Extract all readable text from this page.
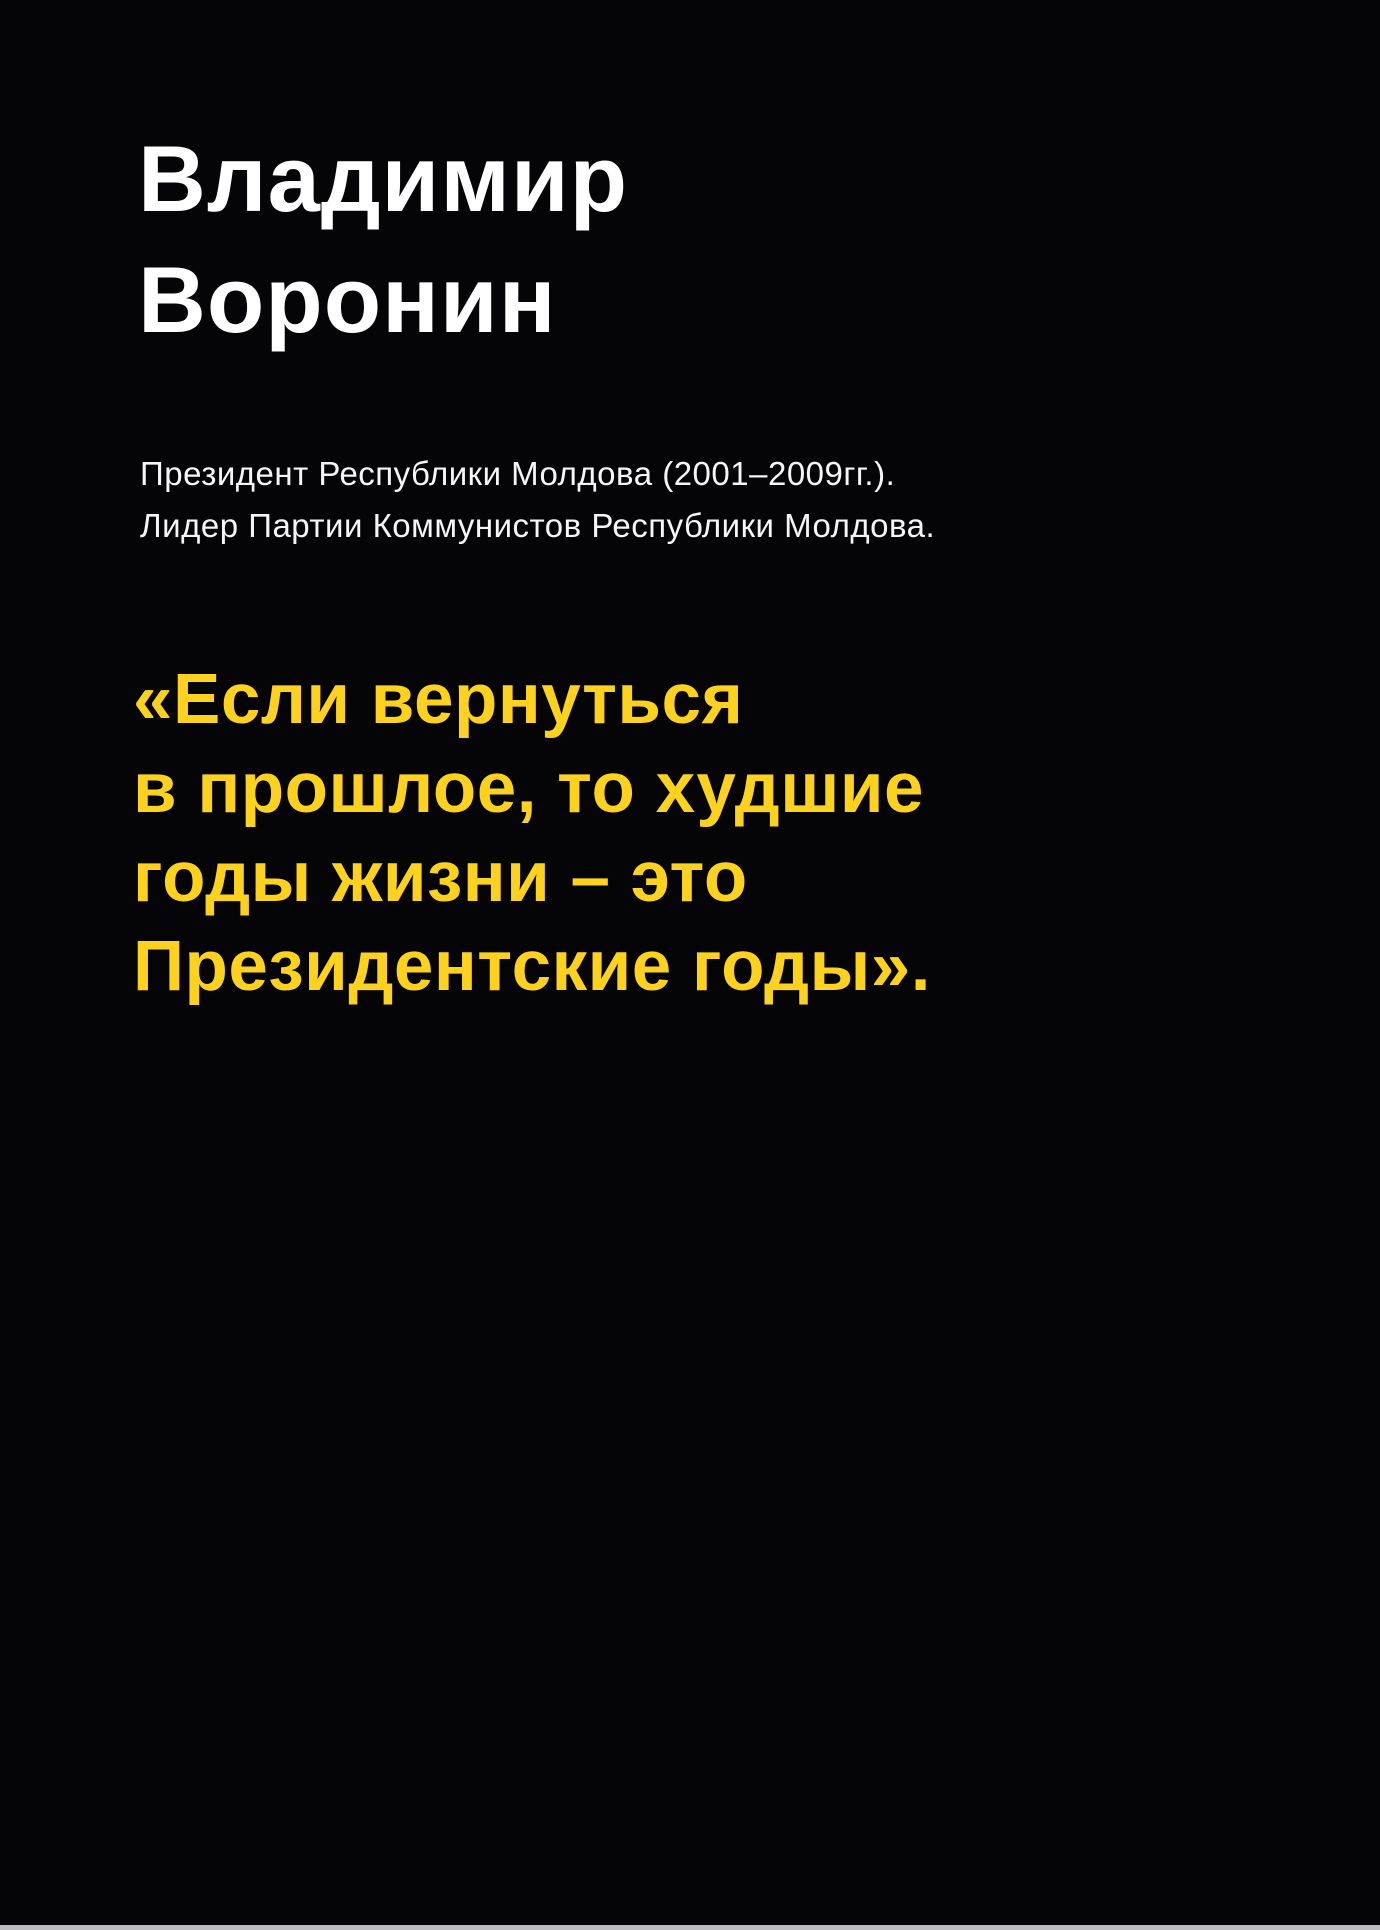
Владимир
Воронин

Президент Республики Молдова (2001–2009гг.).
Лидер Партии Коммунистов Республики Молдова.

«Если вернуться
в прошлое, то худшие
годы жизни – это
Президентские годы».
